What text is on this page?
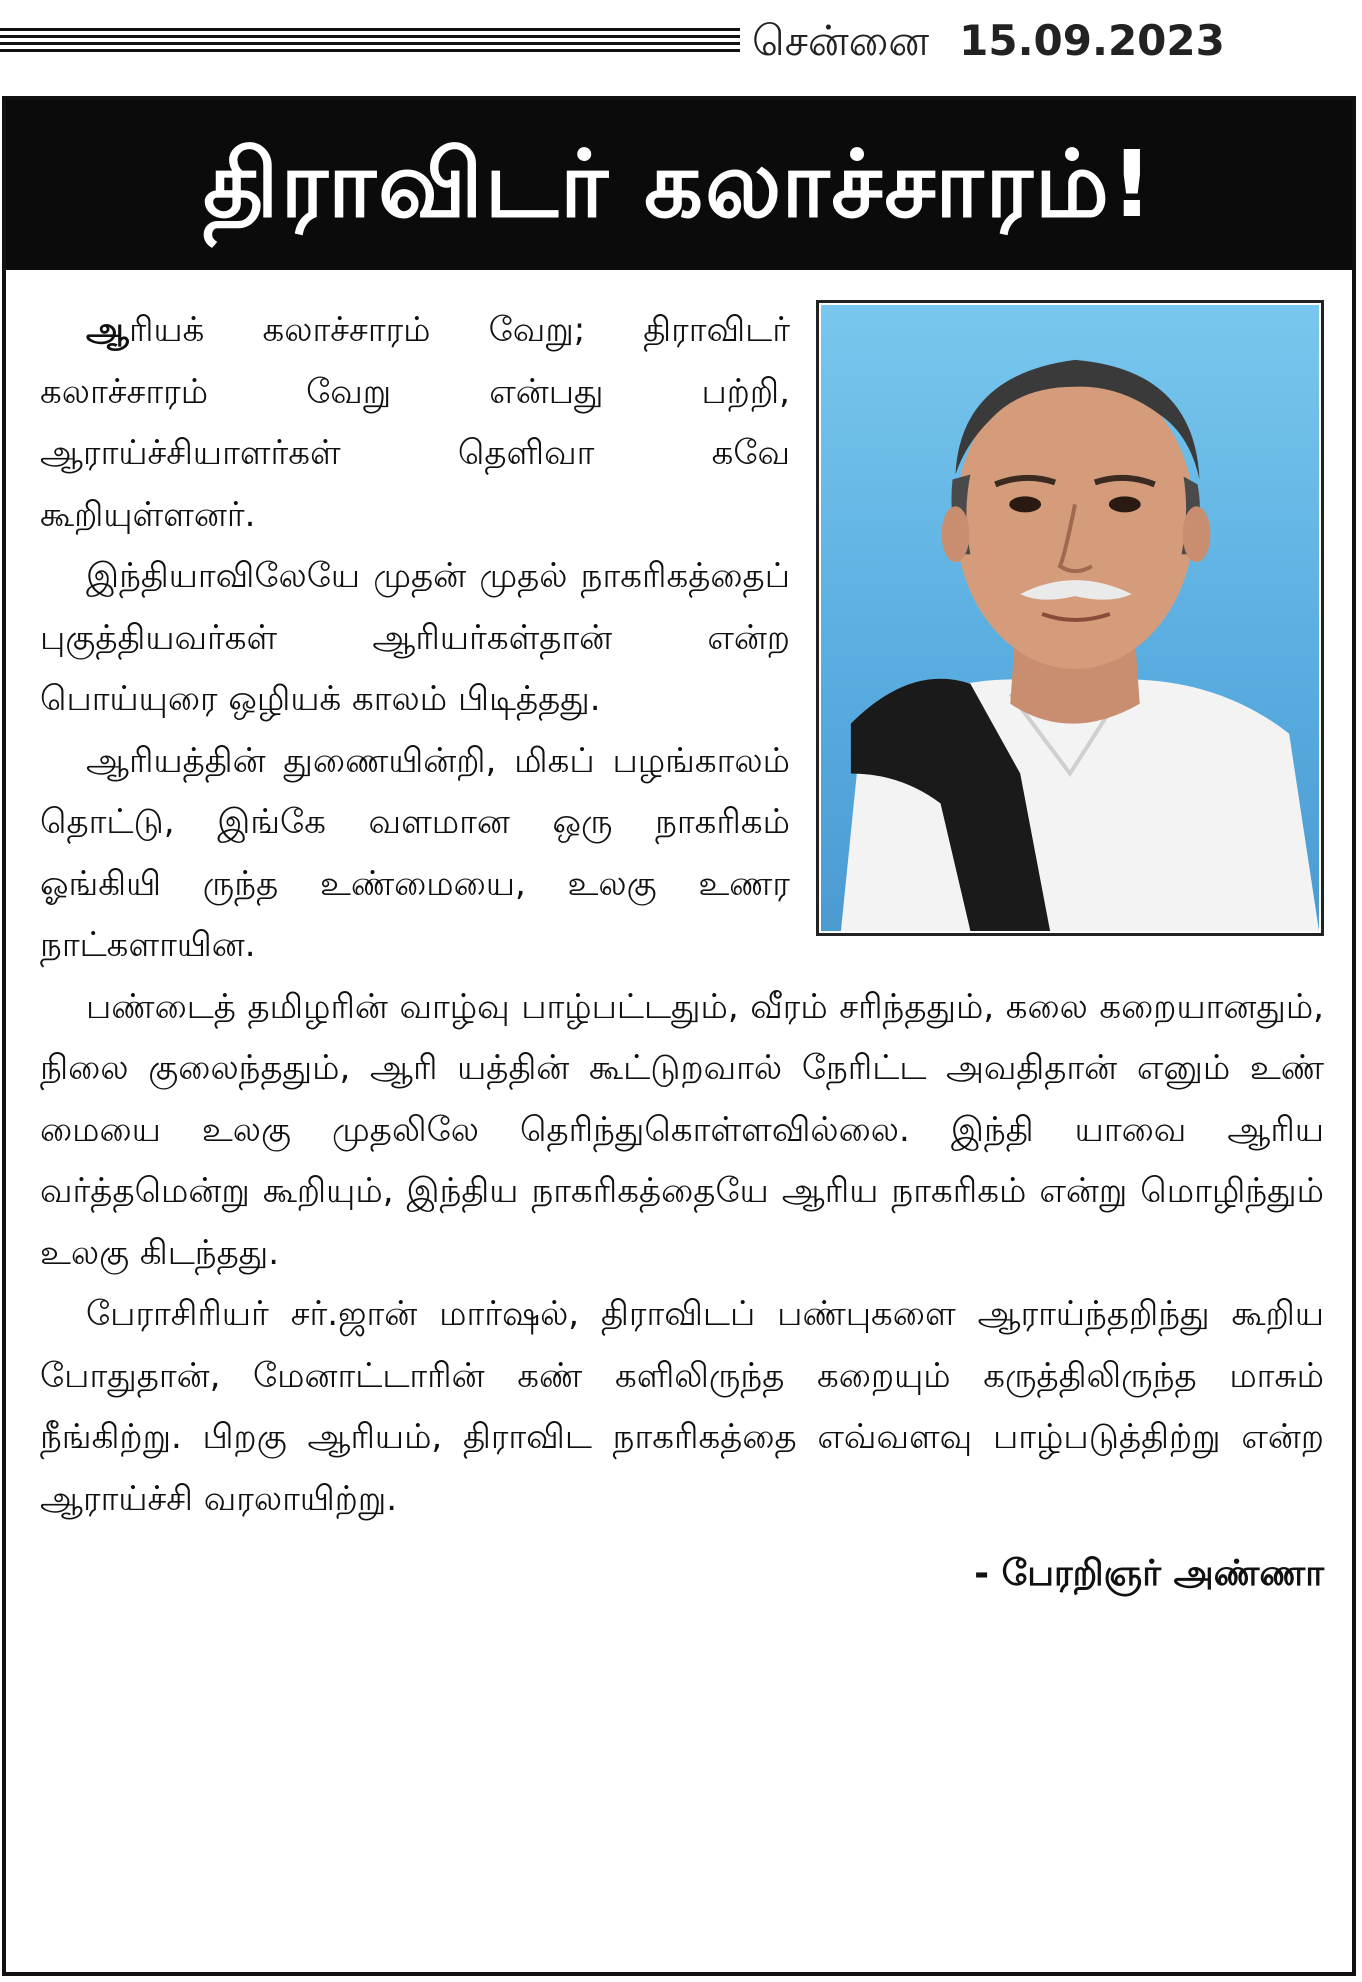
சென்னை 15.09.2023
திராவிடர் கலாச்சாரம்!

ஆரியக் கலாச்சாரம் வேறு; திராவிடர் கலாச்சாரம் வேறு என்பது பற்றி, ஆராய்ச்சியாளர்கள் தெளிவா கவே கூறியுள்ளனர்.

இந்தியாவிலேயே முதன் முதல் நாகரிகத்தைப் புகுத்தியவர்கள் ஆரியர்கள்தான் என்ற பொய்யுரை ஒழியக் காலம் பிடித்தது.

ஆரியத்தின் துணையின்றி, மிகப் பழங்காலம் தொட்டு, இங்கே வளமான ஒரு நாகரிகம் ஓங்கியி ருந்த உண்மையை, உலகு உணர நாட்களாயின.

பண்டைத் தமிழரின் வாழ்வு பாழ்பட்டதும், வீரம் சரிந்ததும், கலை கறையானதும், நிலை குலைந்ததும், ஆரி யத்தின் கூட்டுறவால் நேரிட்ட அவதிதான் எனும் உண் மையை உலகு முதலிலே தெரிந்துகொள்ளவில்லை. இந்தி யாவை ஆரிய வர்த்தமென்று கூறியும், இந்திய நாகரிகத்தையே ஆரிய நாகரிகம் என்று மொழிந்தும் உலகு கிடந்தது.

பேராசிரியர் சர்.ஜான் மார்ஷல், திராவிடப் பண்புகளை ஆராய்ந்தறிந்து கூறிய போதுதான், மேனாட்டாரின் கண் களிலிருந்த கறையும் கருத்திலிருந்த மாசும் நீங்கிற்று. பிறகு ஆரியம், திராவிட நாகரிகத்தை எவ்வளவு பாழ்படுத்திற்று என்ற ஆராய்ச்சி வரலாயிற்று.

- பேரறிஞர் அண்ணா
